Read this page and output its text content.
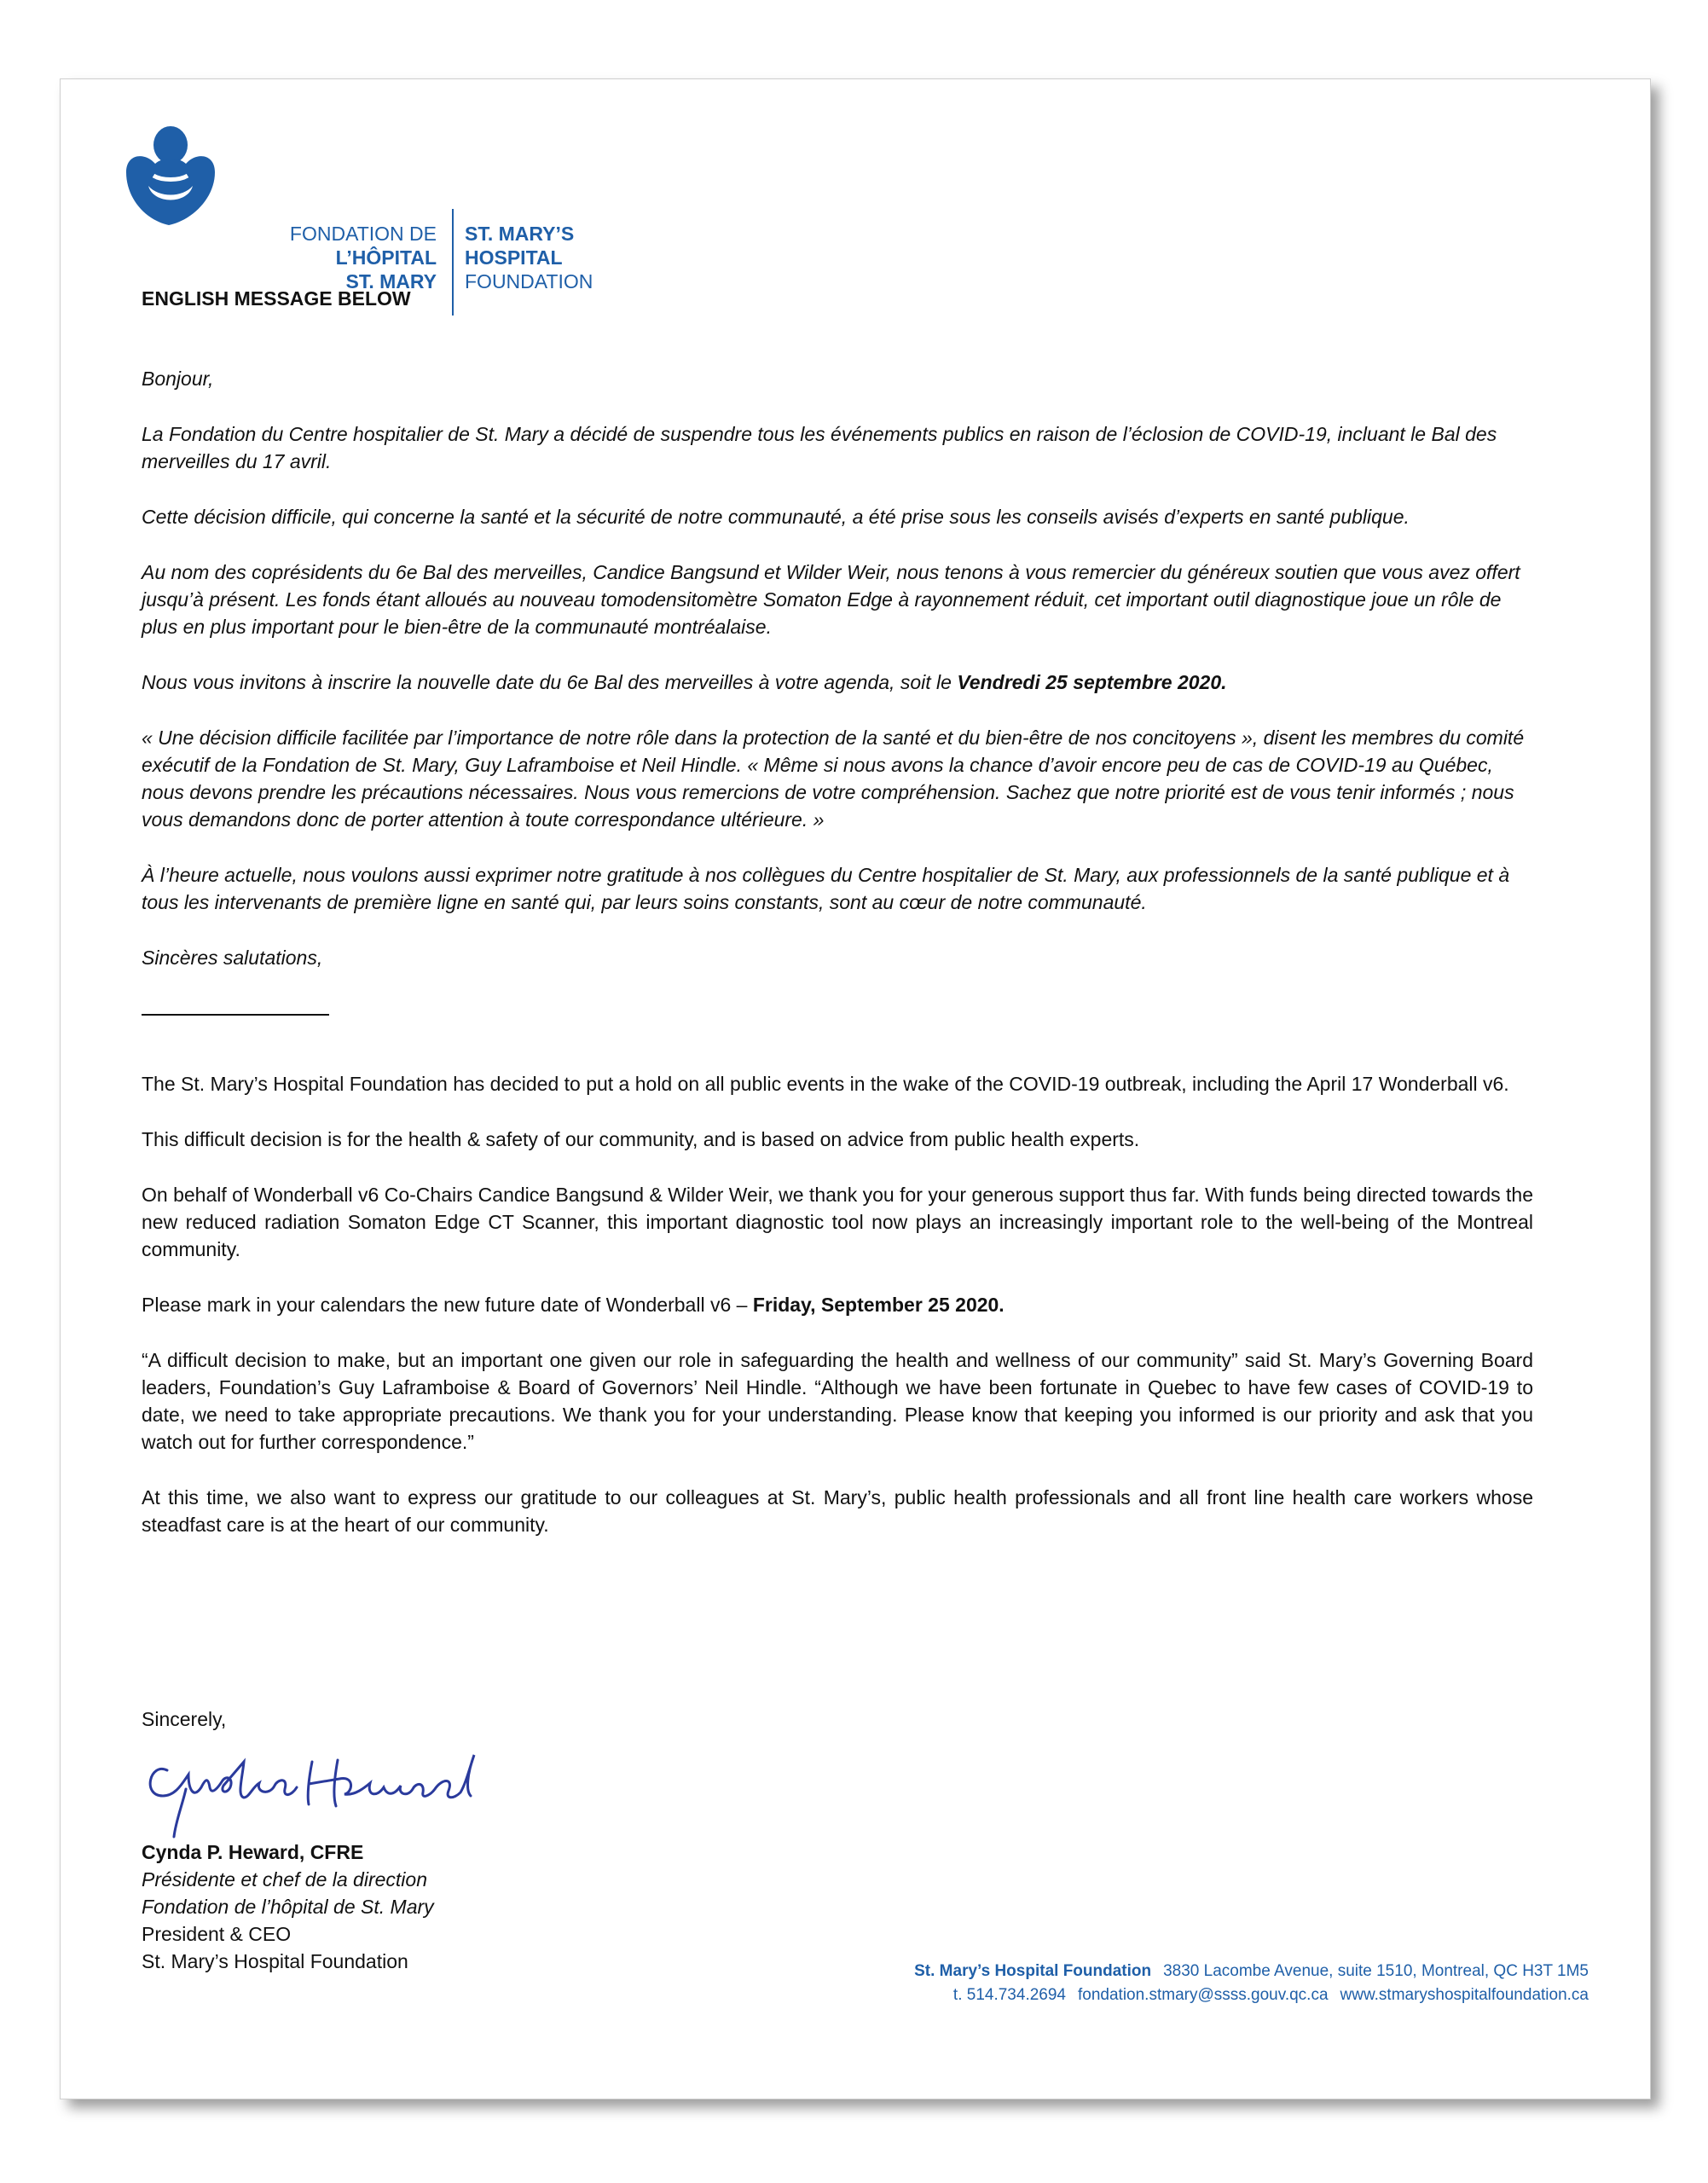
FONDATION DE
L’HÔPITAL
ST. MARY
ST. MARY’S
HOSPITAL
FOUNDATION

ENGLISH MESSAGE BELOW

Bonjour,

La Fondation du Centre hospitalier de St. Mary a décidé de suspendre tous les événements publics en raison de l’éclosion de COVID-19, incluant le Bal des merveilles du 17 avril.

Cette décision difficile, qui concerne la santé et la sécurité de notre communauté, a été prise sous les conseils avisés d’experts en santé publique.

Au nom des coprésidents du 6e Bal des merveilles, Candice Bangsund et Wilder Weir, nous tenons à vous remercier du généreux soutien que vous avez offert jusqu’à présent. Les fonds étant alloués au nouveau tomodensitomètre Somaton Edge à rayonnement réduit, cet important outil diagnostique joue un rôle de plus en plus important pour le bien-être de la communauté montréalaise.

Nous vous invitons à inscrire la nouvelle date du 6e Bal des merveilles à votre agenda, soit le Vendredi 25 septembre 2020.

« Une décision difficile facilitée par l’importance de notre rôle dans la protection de la santé et du bien-être de nos concitoyens », disent les membres du comité exécutif de la Fondation de St. Mary, Guy Laframboise et Neil Hindle. « Même si nous avons la chance d’avoir encore peu de cas de COVID-19 au Québec, nous devons prendre les précautions nécessaires. Nous vous remercions de votre compréhension. Sachez que notre priorité est de vous tenir informés ; nous vous demandons donc de porter attention à toute correspondance ultérieure. »

À l’heure actuelle, nous voulons aussi exprimer notre gratitude à nos collègues du Centre hospitalier de St. Mary, aux professionnels de la santé publique et à tous les intervenants de première ligne en santé qui, par leurs soins constants, sont au cœur de notre communauté.

Sincères salutations,

The St. Mary’s Hospital Foundation has decided to put a hold on all public events in the wake of the COVID-19 outbreak, including the April 17 Wonderball v6.

This difficult decision is for the health & safety of our community, and is based on advice from public health experts.

On behalf of Wonderball v6 Co-Chairs Candice Bangsund & Wilder Weir, we thank you for your generous support thus far. With funds being directed towards the new reduced radiation Somaton Edge CT Scanner, this important diagnostic tool now plays an increasingly important role to the well-being of the Montreal community.

Please mark in your calendars the new future date of Wonderball v6 – Friday, September 25 2020.

“A difficult decision to make, but an important one given our role in safeguarding the health and wellness of our community” said St. Mary’s Governing Board leaders, Foundation’s Guy Laframboise & Board of Governors’ Neil Hindle. “Although we have been fortunate in Quebec to have few cases of COVID-19 to date, we need to take appropriate precautions. We thank you for your understanding. Please know that keeping you informed is our priority and ask that you watch out for further correspondence.”

At this time, we also want to express our gratitude to our colleagues at St. Mary’s, public health professionals and all front line health care workers whose steadfast care is at the heart of our community.

Sincerely,
Cynda P. Heward, CFRE
Présidente et chef de la direction
Fondation de l’hôpital de St. Mary
President & CEO
St. Mary’s Hospital Foundation	St. Mary’s Hospital Foundation 3830 Lacombe Avenue, suite 1510, Montreal, QC H3T 1M5
t. 514.734.2694 fondation.stmary@ssss.gouv.qc.ca www.stmaryshospitalfoundation.ca
